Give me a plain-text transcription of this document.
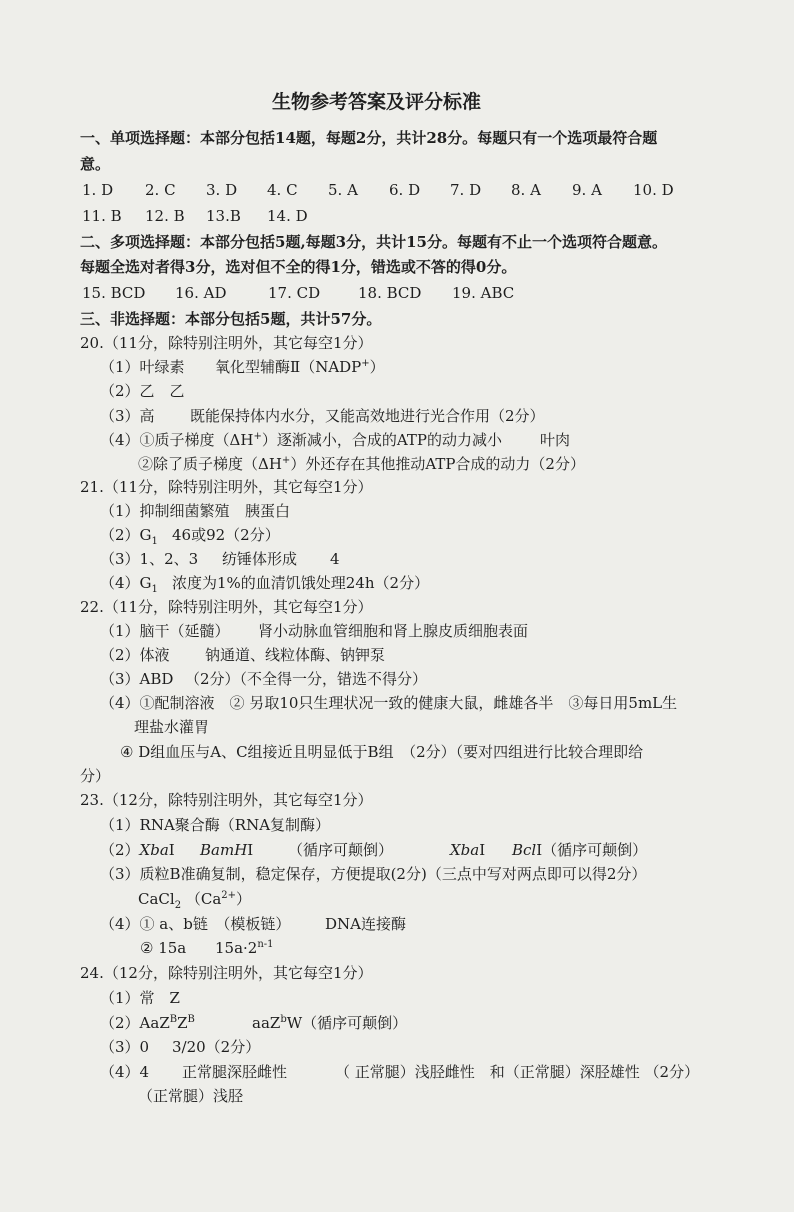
生物参考答案及评分标准
一、单项选择题：本部分包括14题，每题2分，共计28分。每题只有一个选项最符合题
意。
1. D 2. C 3. D 4. C 5. A 6. D 7. D 8. A 9. A 10. D
11. B 12. B 13.B 14. D
二、多项选择题：本部分包括5题,每题3分，共计15分。每题有不止一个选项符合题意。
每题全选对者得3分，选对但不全的得1分，错选或不答的得0分。
15. BCD 16. AD	17. CD	18. BCD 19. ABC
三、非选择题：本部分包括5题，共计57分。
20.（11分，除特别注明外，其它每空1分）
（1）叶绿素 氧化型辅酶Ⅱ（NADP+）
（2）乙　乙
（3）高 既能保持体内水分，又能高效地进行光合作用（2分）
（4）①质子梯度（ΔH+）逐渐减小，合成的ATP的动力减小	叶肉
②除了质子梯度（ΔH+）外还存在其他推动ATP合成的动力（2分）
21.（11分，除特别注明外，其它每空1分）
（1）抑制细菌繁殖 胰蛋白
$(2)G_1$ 46或92（2分）
（3）1、2、3 纺锤体形成 4
$(4)G_1$ 浓度为1%的血清饥饿处理24h（2分）
22.（11分，除特别注明外，其它每空1分）
（1）脑干（延髓） 肾小动脉血管细胞和肾上腺皮质细胞表面
（2）体液 钠通道、线粒体酶、钠钾泵
（3）ABD （2分）（不全得一分，错选不得分）
（4）①配制溶液　② 另取10只生理状况一致的健康大鼠，雌雄各半　③每日用5mL生
理盐水灌胃
④ D组血压与A、C组接近且明显低于B组　（2分）（要对四组进行比较合理即给
分）
23.（12分，除特别注明外，其它每空1分）
（1）RNA聚合酶（RNA复制酶）
（2）XbaⅠ BamHⅠ （循序可颠倒）	XbaⅠ BclⅠ（循序可颠倒）
（3）质粒B准确复制，稳定保存，方便提取(2分)（三点中写对两点即可以得2分）
CaCl$_2$ $(Ca^{2+})$
（4）① a、b链　（模板链） DNA连接酶
② 15a $15a\cdot 2^{n-1}$
24.（12分，除特别注明外，其它每空1分）
（1）常　Z
$(2)AaZ^BZ^B$	aaZ$^b$W（循序可颠倒）
（3）0 3/20（2分）
（4）4 正常腿深胫雌性	（ 正常腿）浅胫雌性　和（正常腿）深胫雄性 （2分）
（正常腿）浅胫
